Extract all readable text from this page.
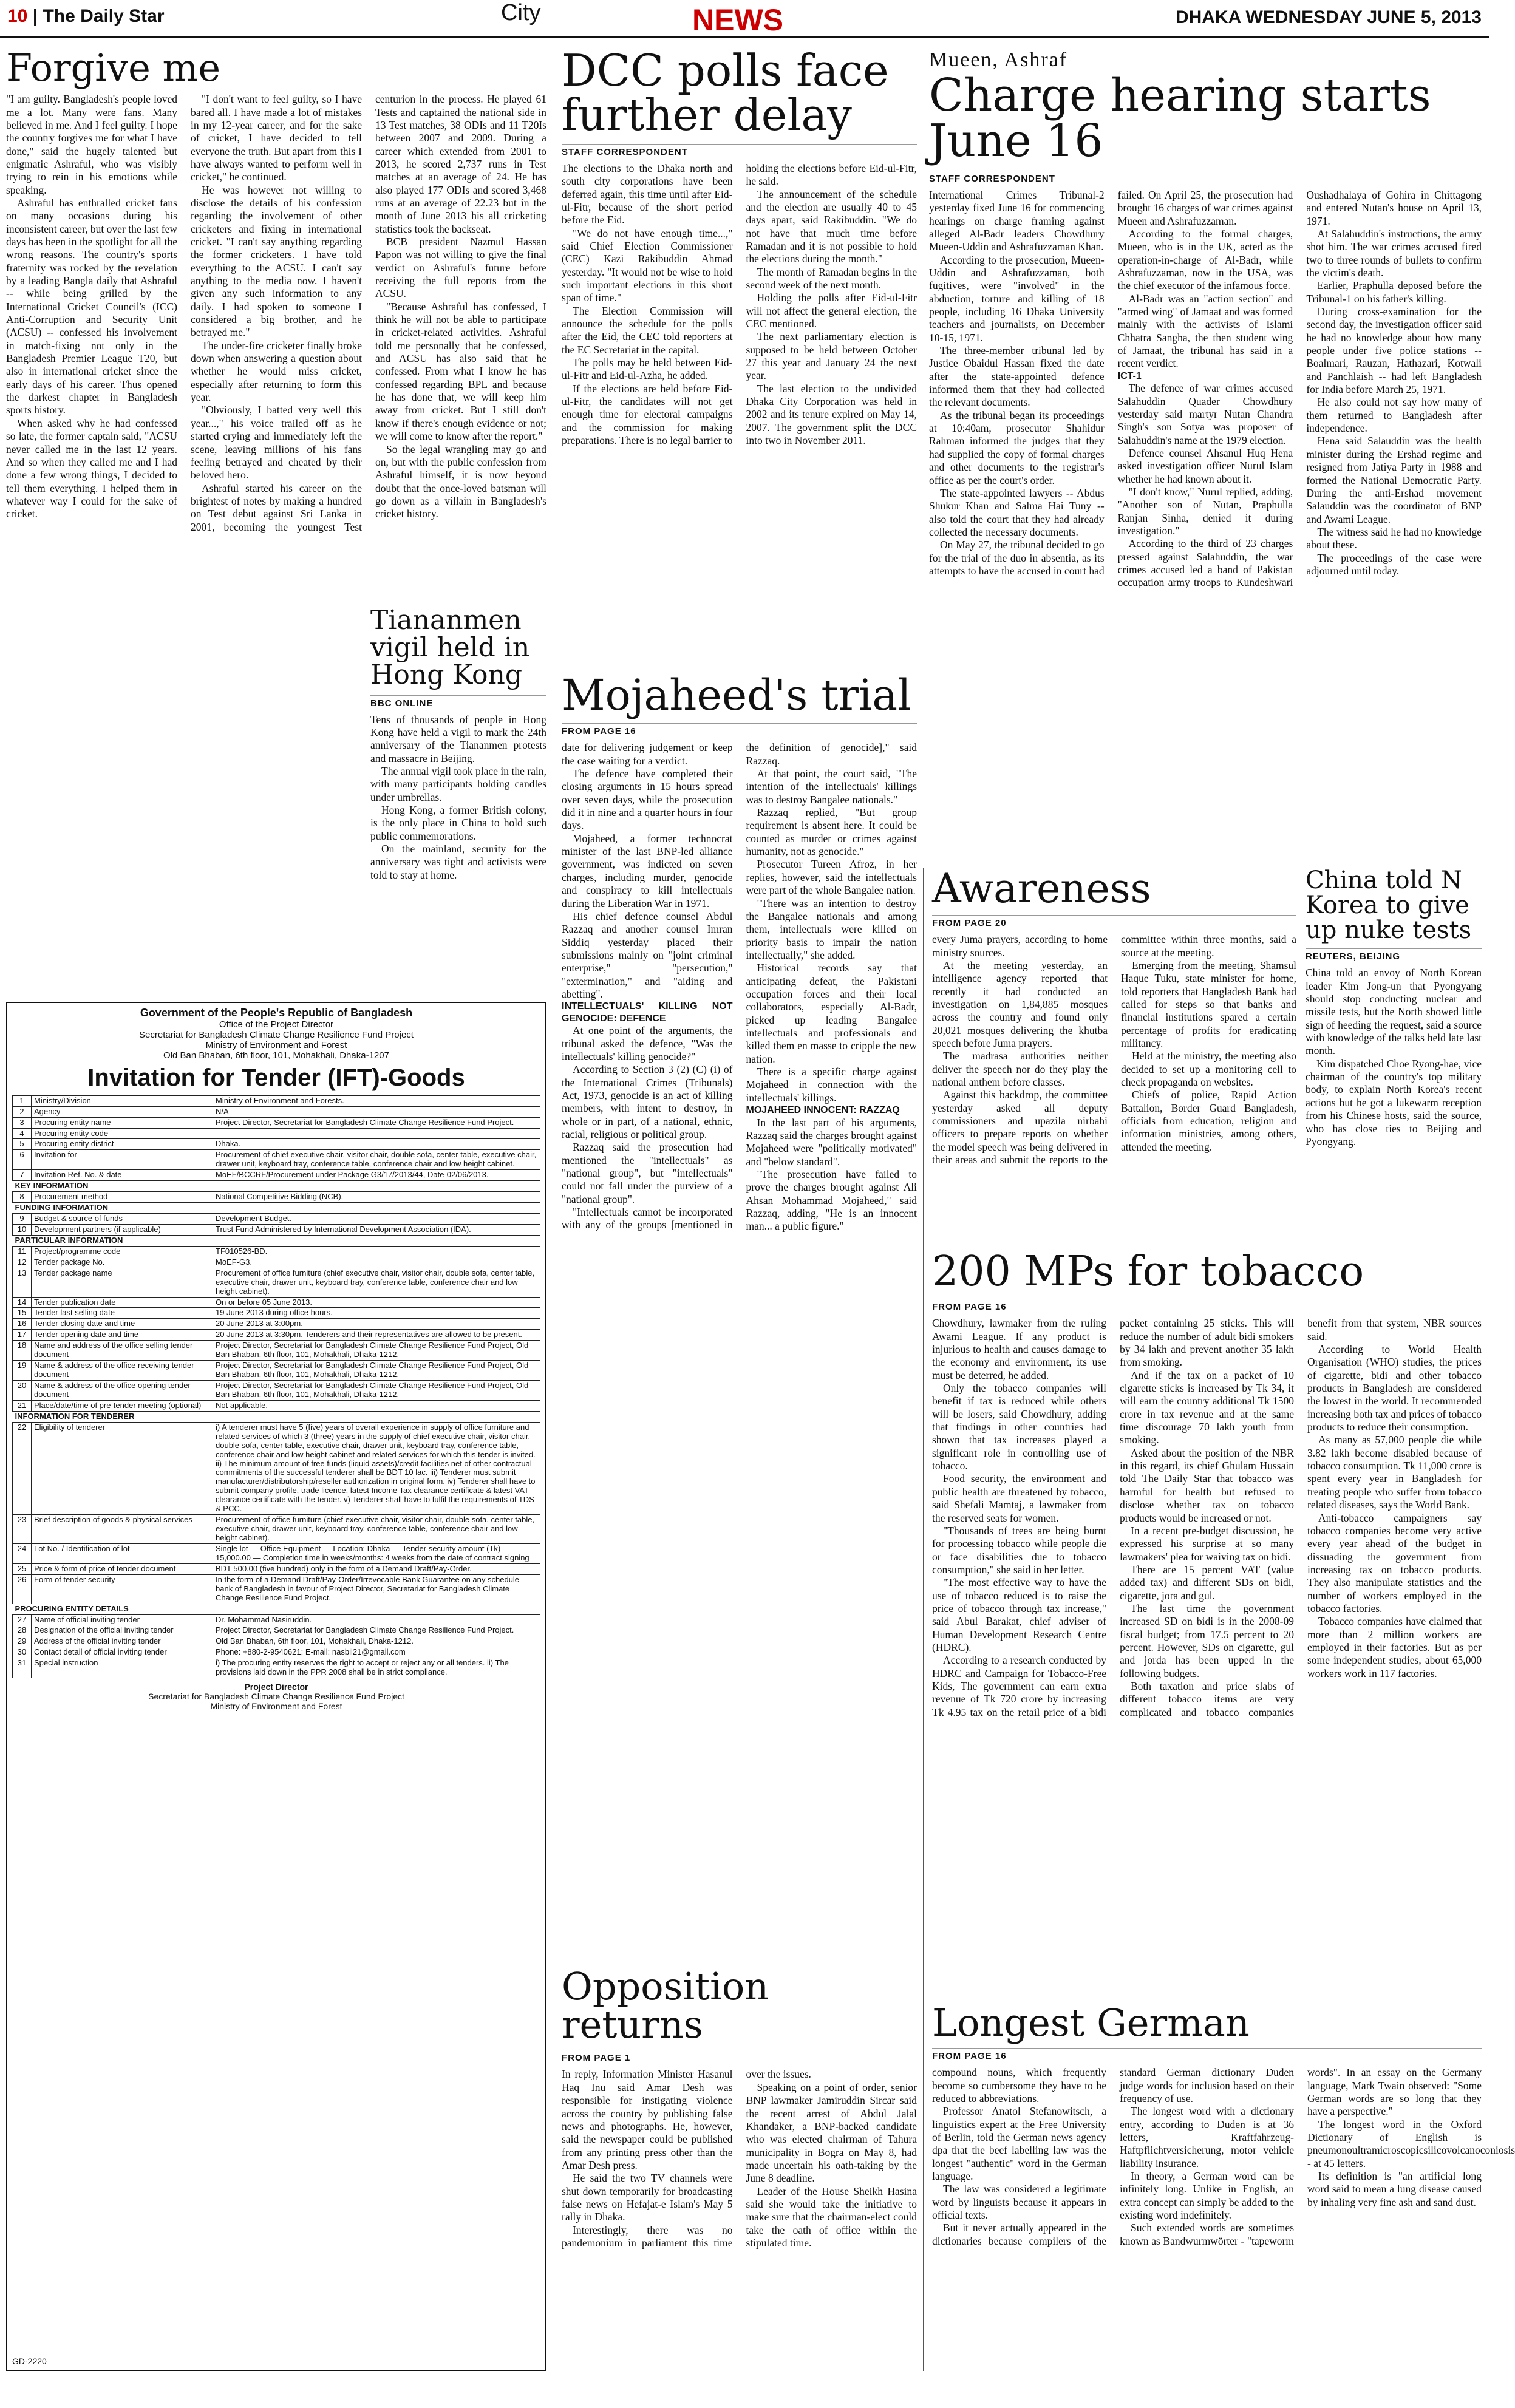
10 | The Daily Star	City	NEWS	DHAKA WEDNESDAY JUNE 5, 2013
Forgive me

"I am guilty. Bangladesh's people loved me a lot. Many were fans. Many believed in me. And I feel guilty. I hope the country forgives me for what I have done," said the hugely talented but enigmatic Ashraful, who was visibly trying to rein in his emotions while speaking.

Ashraful has enthralled cricket fans on many occasions during his inconsistent career, but over the last few days has been in the spotlight for all the wrong reasons. The country's sports fraternity was rocked by the revelation by a leading Bangla daily that Ashraful -- while being grilled by the International Cricket Council's (ICC) Anti-Corruption and Security Unit (ACSU) -- confessed his involvement in match-fixing not only in the Bangladesh Premier League T20, but also in international cricket since the early days of his career. Thus opened the darkest chapter in Bangladesh sports history.

When asked why he had confessed so late, the former captain said, "ACSU never called me in the last 12 years. And so when they called me and I had done a few wrong things, I decided to tell them everything. I helped them in whatever way I could for the sake of cricket.

"I don't want to feel guilty, so I have bared all. I have made a lot of mistakes in my 12-year career, and for the sake of cricket, I have decided to tell everyone the truth. But apart from this I have always wanted to perform well in cricket," he continued.

He was however not willing to disclose the details of his confession regarding the involvement of other cricketers and fixing in international cricket. "I can't say anything regarding the former cricketers. I have told everything to the ACSU. I can't say anything to the media now. I haven't given any such information to any daily. I had spoken to someone I considered a big brother, and he betrayed me."

The under-fire cricketer finally broke down when answering a question about whether he would miss cricket, especially after returning to form this year.

"Obviously, I batted very well this year...," his voice trailed off as he started crying and immediately left the scene, leaving millions of his fans feeling betrayed and cheated by their beloved hero.

Ashraful started his career on the brightest of notes by making a hundred on Test debut against Sri Lanka in 2001, becoming the youngest Test centurion in the process. He played 61 Tests and captained the national side in 13 Test matches, 38 ODIs and 11 T20Is between 2007 and 2009. During a career which extended from 2001 to 2013, he scored 2,737 runs in Test matches at an average of 24. He has also played 177 ODIs and scored 3,468 runs at an average of 22.23 but in the month of June 2013 his all cricketing statistics took the backseat.

BCB president Nazmul Hassan Papon was not willing to give the final verdict on Ashraful's future before receiving the full reports from the ACSU.

"Because Ashraful has confessed, I think he will not be able to participate in cricket-related activities. Ashraful told me personally that he confessed, and ACSU has also said that he confessed. From what I know he has confessed regarding BPL and because he has done that, we will keep him away from cricket. But I still don't know if there's enough evidence or not; we will come to know after the report."

So the legal wrangling may go and on, but with the public confession from Ashraful himself, it is now beyond doubt that the once-loved batsman will go down as a villain in Bangladesh's cricket history.

DCC polls face further delay
STAFF CORRESPONDENT

The elections to the Dhaka north and south city corporations have been deferred again, this time until after Eid-ul-Fitr, because of the short period before the Eid.

"We do not have enough time...," said Chief Election Commissioner (CEC) Kazi Rakibuddin Ahmad yesterday. "It would not be wise to hold such important elections in this short span of time."

The Election Commission will announce the schedule for the polls after the Eid, the CEC told reporters at the EC Secretariat in the capital.

The polls may be held between Eid-ul-Fitr and Eid-ul-Azha, he added.

If the elections are held before Eid-ul-Fitr, the candidates will not get enough time for electoral campaigns and the commission for making preparations. There is no legal barrier to holding the elections before Eid-ul-Fitr, he said.

The announcement of the schedule and the election are usually 40 to 45 days apart, said Rakibuddin. "We do not have that much time before Ramadan and it is not possible to hold the elections during the month."

The month of Ramadan begins in the second week of the next month.

Holding the polls after Eid-ul-Fitr will not affect the general election, the CEC mentioned.

The next parliamentary election is supposed to be held between October 27 this year and January 24 the next year.

The last election to the undivided Dhaka City Corporation was held in 2002 and its tenure expired on May 14, 2007. The government split the DCC into two in November 2011.

Mueen, Ashraf
Charge hearing starts June 16
STAFF CORRESPONDENT

International Crimes Tribunal-2 yesterday fixed June 16 for commencing hearings on charge framing against alleged Al-Badr leaders Chowdhury Mueen-Uddin and Ashrafuzzaman Khan.

According to the prosecution, Mueen-Uddin and Ashrafuzzaman, both fugitives, were "involved" in the abduction, torture and killing of 18 people, including 16 Dhaka University teachers and journalists, on December 10-15, 1971.

The three-member tribunal led by Justice Obaidul Hassan fixed the date after the state-appointed defence informed them that they had collected the relevant documents.

As the tribunal began its proceedings at 10:40am, prosecutor Shahidur Rahman informed the judges that they had supplied the copy of formal charges and other documents to the registrar's office as per the court's order.

The state-appointed lawyers -- Abdus Shukur Khan and Salma Hai Tuny -- also told the court that they had already collected the necessary documents.

On May 27, the tribunal decided to go for the trial of the duo in absentia, as its attempts to have the accused in court had failed. On April 25, the prosecution had brought 16 charges of war crimes against Mueen and Ashrafuzzaman.

According to the formal charges, Mueen, who is in the UK, acted as the operation-in-charge of Al-Badr, while Ashrafuzzaman, now in the USA, was the chief executor of the infamous force.

Al-Badr was an "action section" and "armed wing" of Jamaat and was formed mainly with the activists of Islami Chhatra Sangha, the then student wing of Jamaat, the tribunal has said in a recent verdict.

ICT-1

The defence of war crimes accused Salahuddin Quader Chowdhury yesterday said martyr Nutan Chandra Singh's son Sotya was proposer of Salahuddin's name at the 1979 election.

Defence counsel Ahsanul Huq Hena asked investigation officer Nurul Islam whether he had known about it.

"I don't know," Nurul replied, adding, "Another son of Nutan, Praphulla Ranjan Sinha, denied it during investigation."

According to the third of 23 charges pressed against Salahuddin, the war crimes accused led a band of Pakistan occupation army troops to Kundeshwari Oushadhalaya of Gohira in Chittagong and entered Nutan's house on April 13, 1971.

At Salahuddin's instructions, the army shot him. The war crimes accused fired two to three rounds of bullets to confirm the victim's death.

Earlier, Praphulla deposed before the Tribunal-1 on his father's killing.

During cross-examination for the second day, the investigation officer said he had no knowledge about how many people under five police stations -- Boalmari, Rauzan, Hathazari, Kotwali and Panchlaish -- had left Bangladesh for India before March 25, 1971.

He also could not say how many of them returned to Bangladesh after independence.

Hena said Salauddin was the health minister during the Ershad regime and resigned from Jatiya Party in 1988 and formed the National Democratic Party. During the anti-Ershad movement Salauddin was the coordinator of BNP and Awami League.

The witness said he had no knowledge about these.

The proceedings of the case were adjourned until today.

Mojaheed's trial
FROM PAGE 16

date for delivering judgement or keep the case waiting for a verdict.

The defence have completed their closing arguments in 15 hours spread over seven days, while the prosecution did it in nine and a quarter hours in four days.

Mojaheed, a former technocrat minister of the last BNP-led alliance government, was indicted on seven charges, including murder, genocide and conspiracy to kill intellectuals during the Liberation War in 1971.

His chief defence counsel Abdul Razzaq and another counsel Imran Siddiq yesterday placed their submissions mainly on "joint criminal enterprise," "persecution," "extermination," and "aiding and abetting".

INTELLECTUALS' KILLING NOT GENOCIDE: DEFENCE

At one point of the arguments, the tribunal asked the defence, "Was the intellectuals' killing genocide?"

According to Section 3 (2) (C) (i) of the International Crimes (Tribunals) Act, 1973, genocide is an act of killing members, with intent to destroy, in whole or in part, of a national, ethnic, racial, religious or political group.

Razzaq said the prosecution had mentioned the "intellectuals" as "national group", but "intellectuals" could not fall under the purview of a "national group".

"Intellectuals cannot be incorporated with any of the groups [mentioned in the definition of genocide]," said Razzaq.

At that point, the court said, "The intention of the intellectuals' killings was to destroy Bangalee nationals."

Razzaq replied, "But group requirement is absent here. It could be counted as murder or crimes against humanity, not as genocide."

Prosecutor Tureen Afroz, in her replies, however, said the intellectuals were part of the whole Bangalee nation.

"There was an intention to destroy the Bangalee nationals and among them, intellectuals were killed on priority basis to impair the nation intellectually," she added.

Historical records say that anticipating defeat, the Pakistani occupation forces and their local collaborators, especially Al-Badr, picked up leading Bangalee intellectuals and professionals and killed them en masse to cripple the new nation.

There is a specific charge against Mojaheed in connection with the intellectuals' killings.

MOJAHEED INNOCENT: RAZZAQ

In the last part of his arguments, Razzaq said the charges brought against Mojaheed were "politically motivated" and "below standard".

"The prosecution have failed to prove the charges brought against Ali Ahsan Mohammad Mojaheed," said Razzaq, adding, "He is an innocent man... a public figure."

Awareness
FROM PAGE 20

every Juma prayers, according to home ministry sources.

At the meeting yesterday, an intelligence agency reported that recently it had conducted an investigation on 1,84,885 mosques across the country and found only 20,021 mosques delivering the khutba speech before Juma prayers.

The madrasa authorities neither deliver the speech nor do they play the national anthem before classes.

Against this backdrop, the committee yesterday asked all deputy commissioners and upazila nirbahi officers to prepare reports on whether the model speech was being delivered in their areas and submit the reports to the committee within three months, said a source at the meeting.

Emerging from the meeting, Shamsul Haque Tuku, state minister for home, told reporters that Bangladesh Bank had called for steps so that banks and financial institutions spared a certain percentage of profits for eradicating militancy.

Held at the ministry, the meeting also decided to set up a monitoring cell to check propaganda on websites.

Chiefs of police, Rapid Action Battalion, Border Guard Bangladesh, officials from education, religion and information ministries, among others, attended the meeting.

China told N Korea to give up nuke tests
REUTERS, BEIJING

China told an envoy of North Korean leader Kim Jong-un that Pyongyang should stop conducting nuclear and missile tests, but the North showed little sign of heeding the request, said a source with knowledge of the talks held late last month.

Kim dispatched Choe Ryong-hae, vice chairman of the country's top military body, to explain North Korea's recent actions but he got a lukewarm reception from his Chinese hosts, said the source, who has close ties to Beijing and Pyongyang.

200 MPs for tobacco
FROM PAGE 16

Chowdhury, lawmaker from the ruling Awami League. If any product is injurious to health and causes damage to the economy and environment, its use must be deterred, he added.

Only the tobacco companies will benefit if tax is reduced while others will be losers, said Chowdhury, adding that findings in other countries had shown that tax increases played a significant role in controlling use of tobacco.

Food security, the environment and public health are threatened by tobacco, said Shefali Mamtaj, a lawmaker from the reserved seats for women.

"Thousands of trees are being burnt for processing tobacco while people die or face disabilities due to tobacco consumption," she said in her letter.

"The most effective way to have the use of tobacco reduced is to raise the price of tobacco through tax increase," said Abul Barakat, chief adviser of Human Development Research Centre (HDRC).

According to a research conducted by HDRC and Campaign for Tobacco-Free Kids, The government can earn extra revenue of Tk 720 crore by increasing Tk 4.95 tax on the retail price of a bidi packet containing 25 sticks. This will reduce the number of adult bidi smokers by 34 lakh and prevent another 35 lakh from smoking.

And if the tax on a packet of 10 cigarette sticks is increased by Tk 34, it will earn the country additional Tk 1500 crore in tax revenue and at the same time discourage 70 lakh youth from smoking.

Asked about the position of the NBR in this regard, its chief Ghulam Hussain told The Daily Star that tobacco was harmful for health but refused to disclose whether tax on tobacco products would be increased or not.

In a recent pre-budget discussion, he expressed his surprise at so many lawmakers' plea for waiving tax on bidi.

There are 15 percent VAT (value added tax) and different SDs on bidi, cigarette, jora and gul.

The last time the government increased SD on bidi is in the 2008-09 fiscal budget; from 17.5 percent to 20 percent. However, SDs on cigarette, gul and jorda has been upped in the following budgets.

Both taxation and price slabs of different tobacco items are very complicated and tobacco companies benefit from that system, NBR sources said.

According to World Health Organisation (WHO) studies, the prices of cigarette, bidi and other tobacco products in Bangladesh are considered the lowest in the world. It recommended increasing both tax and prices of tobacco products to reduce their consumption.

As many as 57,000 people die while 3.82 lakh become disabled because of tobacco consumption. Tk 11,000 crore is spent every year in Bangladesh for treating people who suffer from tobacco related diseases, says the World Bank.

Anti-tobacco campaigners say tobacco companies become very active every year ahead of the budget in dissuading the government from increasing tax on tobacco products. They also manipulate statistics and the number of workers employed in the tobacco factories.

Tobacco companies have claimed that more than 2 million workers are employed in their factories. But as per some independent studies, about 65,000 workers work in 117 factories.

Opposition returns
FROM PAGE 1

In reply, Information Minister Hasanul Haq Inu said Amar Desh was responsible for instigating violence across the country by publishing false news and photographs. He, however, said the newspaper could be published from any printing press other than the Amar Desh press.

He said the two TV channels were shut down temporarily for broadcasting false news on Hefajat-e Islam's May 5 rally in Dhaka.

Interestingly, there was no pandemonium in parliament this time over the issues.

Speaking on a point of order, senior BNP lawmaker Jamiruddin Sircar said the recent arrest of Abdul Jalal Khandaker, a BNP-backed candidate who was elected chairman of Tahura municipality in Bogra on May 8, had made uncertain his oath-taking by the June 8 deadline.

Leader of the House Sheikh Hasina said she would take the initiative to make sure that the chairman-elect could take the oath of office within the stipulated time.

Longest German
FROM PAGE 16

compound nouns, which frequently become so cumbersome they have to be reduced to abbreviations.

Professor Anatol Stefanowitsch, a linguistics expert at the Free University of Berlin, told the German news agency dpa that the beef labelling law was the longest "authentic" word in the German language.

The law was considered a legitimate word by linguists because it appears in official texts.

But it never actually appeared in the dictionaries because compilers of the standard German dictionary Duden judge words for inclusion based on their frequency of use.

The longest word with a dictionary entry, according to Duden is at 36 letters, Kraftfahrzeug-Haftpflichtversicherung, motor vehicle liability insurance.

In theory, a German word can be infinitely long. Unlike in English, an extra concept can simply be added to the existing word indefinitely.

Such extended words are sometimes known as Bandwurmwörter - "tapeworm words". In an essay on the Germany language, Mark Twain observed: "Some German words are so long that they have a perspective."

The longest word in the Oxford Dictionary of English is pneumonoultramicroscopicsilicovolcanoconiosis - at 45 letters.

Its definition is "an artificial long word said to mean a lung disease caused by inhaling very fine ash and sand dust.

Tiananmen vigil held in Hong Kong
BBC ONLINE

Tens of thousands of people in Hong Kong have held a vigil to mark the 24th anniversary of the Tiananmen protests and massacre in Beijing.

The annual vigil took place in the rain, with many participants holding candles under umbrellas.

Hong Kong, a former British colony, is the only place in China to hold such public commemorations.

On the mainland, security for the anniversary was tight and activists were told to stay at home.

Government of the People's Republic of Bangladesh
Office of the Project Director
Secretariat for Bangladesh Climate Change Resilience Fund Project
Ministry of Environment and Forest
Old Ban Bhaban, 6th floor, 101, Mohakhali, Dhaka-1207
Invitation for Tender (IFT)-Goods
1	Ministry/Division	Ministry of Environment and Forests.
2	Agency	N/A
3	Procuring entity name	Project Director, Secretariat for Bangladesh Climate Change Resilience Fund Project.
4	Procuring entity code	
5	Procuring entity district	Dhaka.
6	Invitation for	Procurement of chief executive chair, visitor chair, double sofa, center table, executive chair, drawer unit, keyboard tray, conference table, conference chair and low height cabinet.
7	Invitation Ref. No. & date	MoEF/BCCRF/Procurement under Package G3/17/2013/44, Date-02/06/2013.
KEY INFORMATION		
8	Procurement method	National Competitive Bidding (NCB).
FUNDING INFORMATION		
9	Budget & source of funds	Development Budget.
10	Development partners (if applicable)	Trust Fund Administered by International Development Association (IDA).
PARTICULAR INFORMATION		
11	Project/programme code	TF010526-BD.
12	Tender package No.	MoEF-G3.
13	Tender package name	Procurement of office furniture (chief executive chair, visitor chair, double sofa, center table, executive chair, drawer unit, keyboard tray, conference table, conference chair and low height cabinet).
14	Tender publication date	On or before 05 June 2013.
15	Tender last selling date	19 June 2013 during office hours.
16	Tender closing date and time	20 June 2013 at 3:00pm.
17	Tender opening date and time	20 June 2013 at 3:30pm. Tenderers and their representatives are allowed to be present.
18	Name and address of the office selling tender document	Project Director, Secretariat for Bangladesh Climate Change Resilience Fund Project, Old Ban Bhaban, 6th floor, 101, Mohakhali, Dhaka-1212.
19	Name & address of the office receiving tender document	Project Director, Secretariat for Bangladesh Climate Change Resilience Fund Project, Old Ban Bhaban, 6th floor, 101, Mohakhali, Dhaka-1212.
20	Name & address of the office opening tender document	Project Director, Secretariat for Bangladesh Climate Change Resilience Fund Project, Old Ban Bhaban, 6th floor, 101, Mohakhali, Dhaka-1212.
21	Place/date/time of pre-tender meeting (optional)	Not applicable.
INFORMATION FOR TENDERER		
22	Eligibility of tenderer	i) A tenderer must have 5 (five) years of overall experience in supply of office furniture and related services of which 3 (three) years in the supply of chief executive chair, visitor chair, double sofa, center table, executive chair, drawer unit, keyboard tray, conference table, conference chair and low height cabinet and related services for which this tender is invited. ii) The minimum amount of free funds (liquid assets)/credit facilities net of other contractual commitments of the successful tenderer shall be BDT 10 lac. iii) Tenderer must submit manufacturer/distributorship/reseller authorization in original form. iv) Tenderer shall have to submit company profile, trade licence, latest Income Tax clearance certificate & latest VAT clearance certificate with the tender. v) Tenderer shall have to fulfil the requirements of TDS & PCC.
23	Brief description of goods & physical services	Procurement of office furniture (chief executive chair, visitor chair, double sofa, center table, executive chair, drawer unit, keyboard tray, conference table, conference chair and low height cabinet).
24	Lot No. / Identification of lot	Single lot — Office Equipment — Location: Dhaka — Tender security amount (Tk) 15,000.00 — Completion time in weeks/months: 4 weeks from the date of contract signing
25	Price & form of price of tender document	BDT 500.00 (five hundred) only in the form of a Demand Draft/Pay-Order.
26	Form of tender security	In the form of a Demand Draft/Pay-Order/Irrevocable Bank Guarantee on any schedule bank of Bangladesh in favour of Project Director, Secretariat for Bangladesh Climate Change Resilience Fund Project.
PROCURING ENTITY DETAILS		
27	Name of official inviting tender	Dr. Mohammad Nasiruddin.
28	Designation of the official inviting tender	Project Director, Secretariat for Bangladesh Climate Change Resilience Fund Project.
29	Address of the official inviting tender	Old Ban Bhaban, 6th floor, 101, Mohakhali, Dhaka-1212.
30	Contact detail of official inviting tender	Phone: +880-2-9540621; E-mail: nasbil21@gmail.com
31	Special instruction	i) The procuring entity reserves the right to accept or reject any or all tenders. ii) The provisions laid down in the PPR 2008 shall be in strict compliance.
Project Director
Secretariat for Bangladesh Climate Change Resilience Fund Project
Ministry of Environment and Forest
GD-2220
